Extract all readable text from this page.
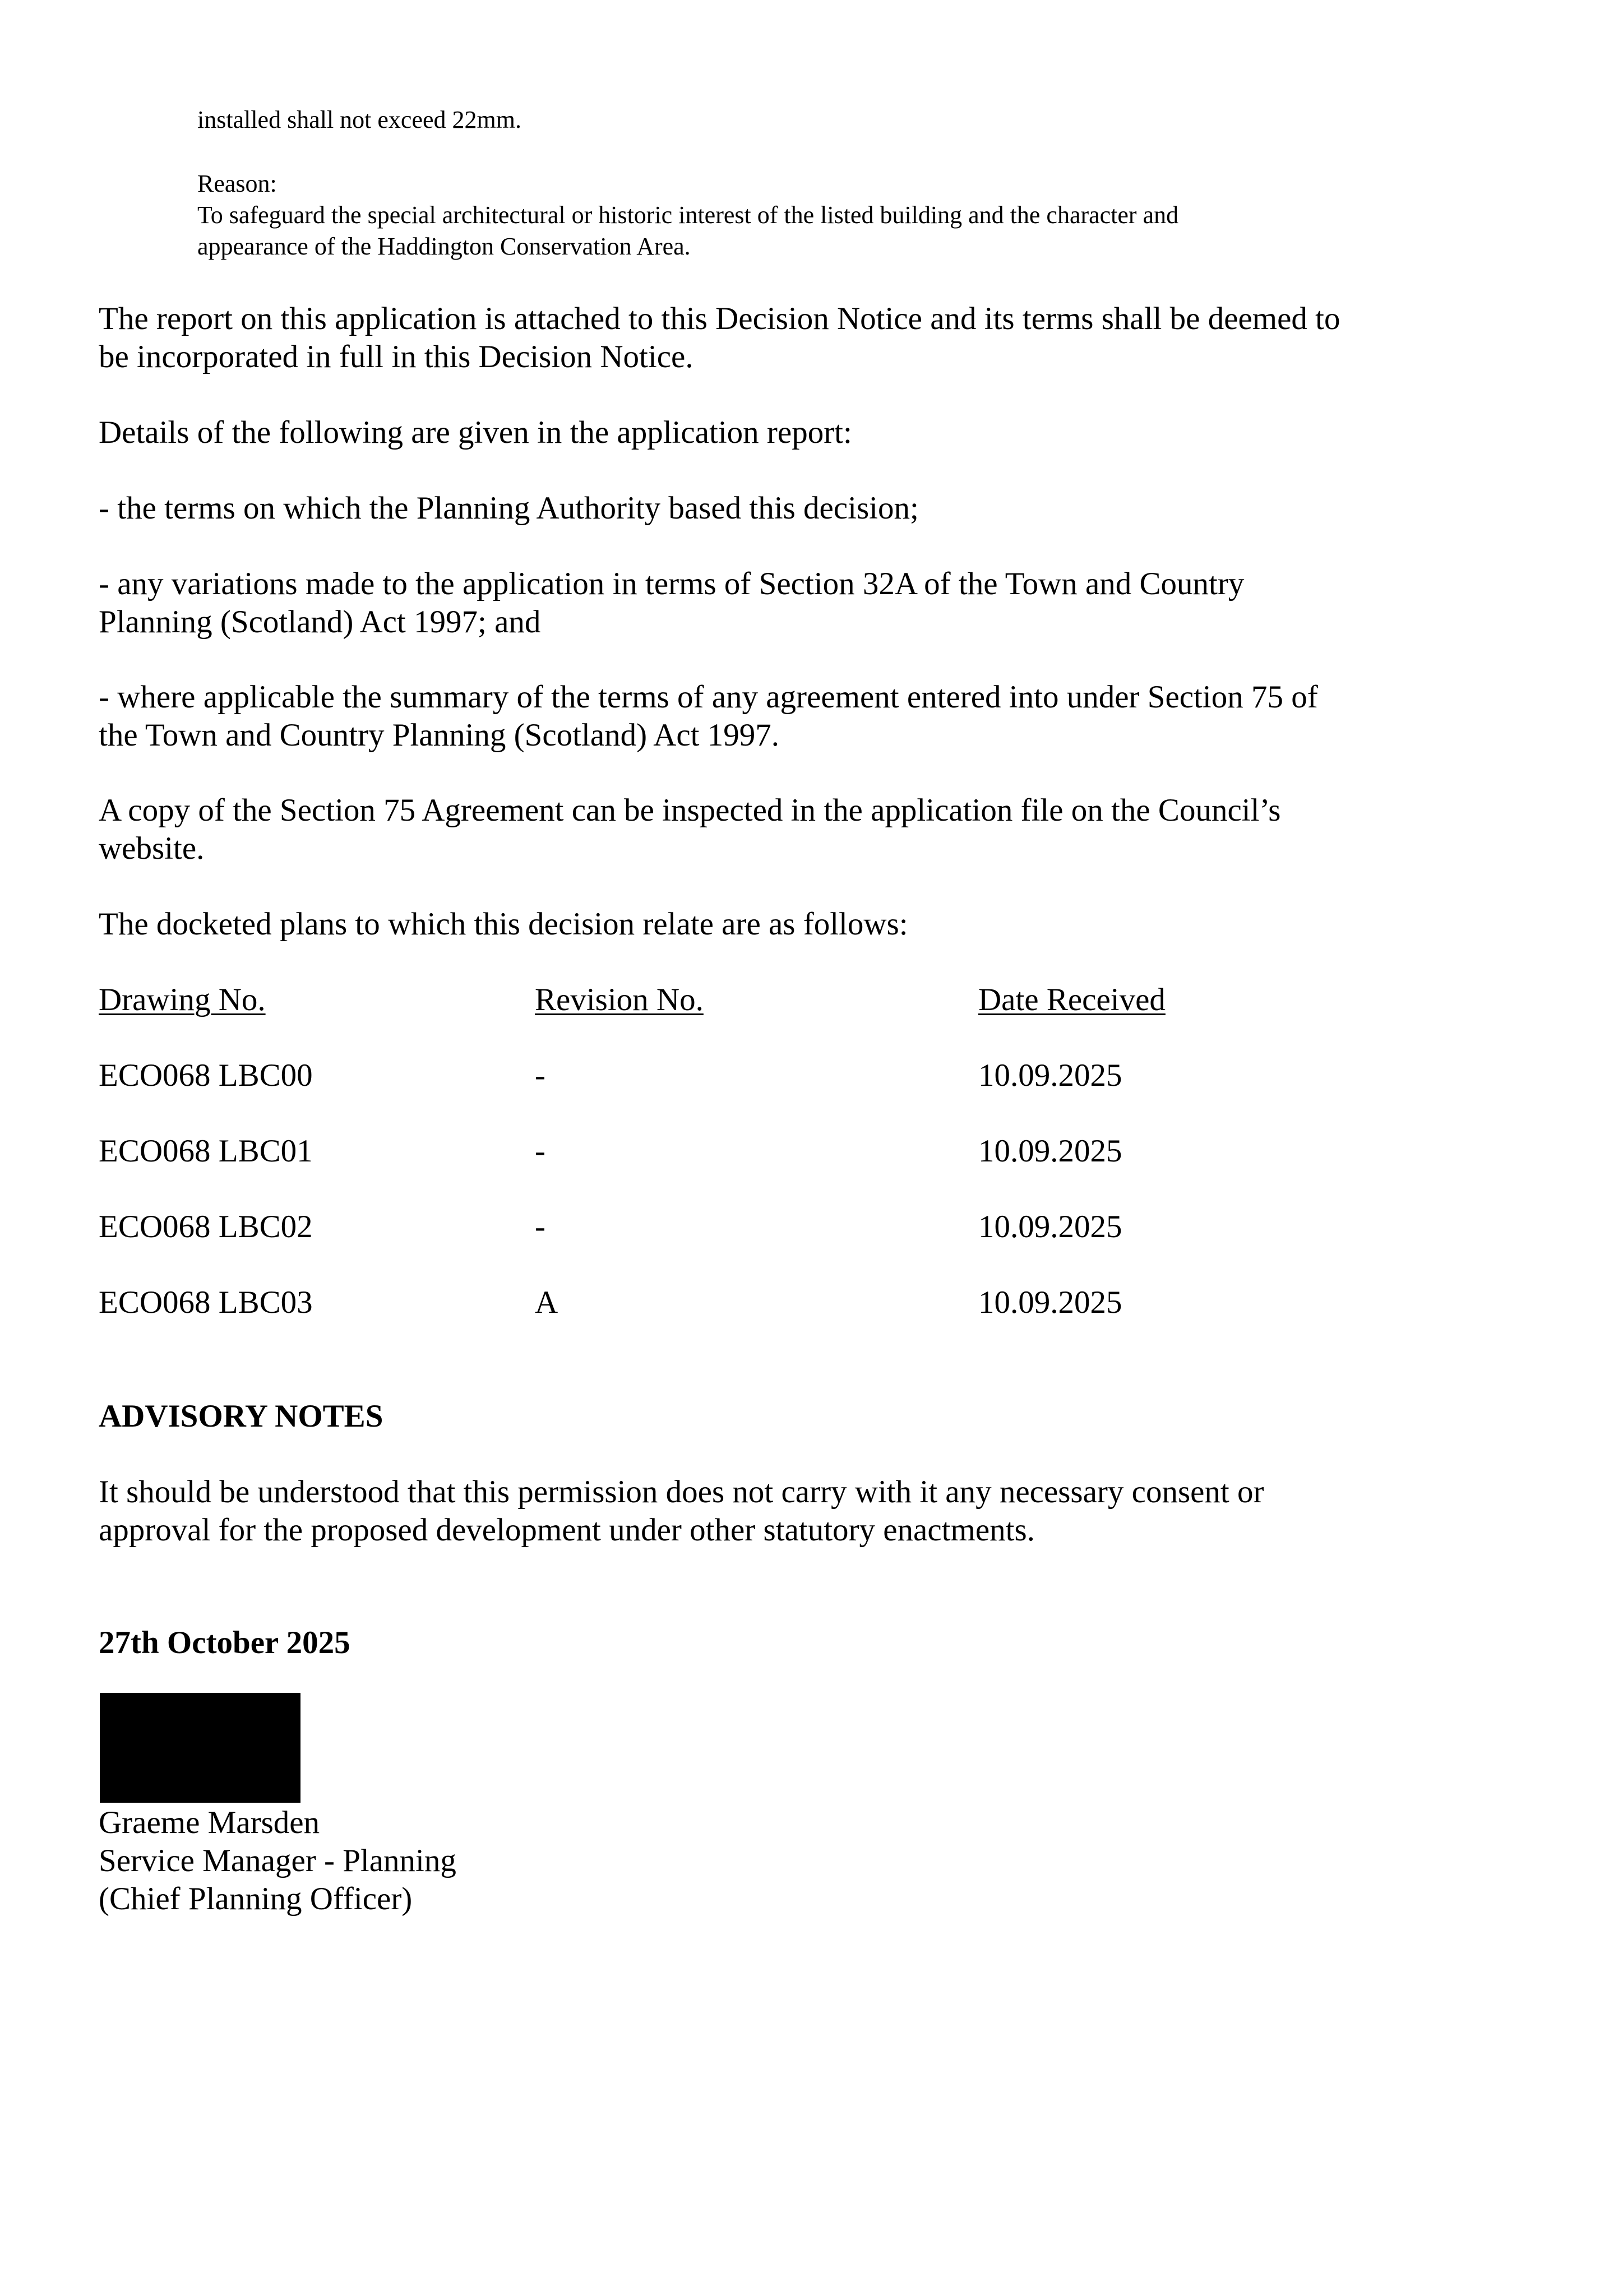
installed shall not exceed 22mm.

Reason:

To safeguard the special architectural or historic interest of the listed building and the character and

appearance of the Haddington Conservation Area.

The report on this application is attached to this Decision Notice and its terms shall be deemed to

be incorporated in full in this Decision Notice.

Details of the following are given in the application report:

- the terms on which the Planning Authority based this decision;

- any variations made to the application in terms of Section 32A of the Town and Country

Planning (Scotland) Act 1997; and

- where applicable the summary of the terms of any agreement entered into under Section 75 of

the Town and Country Planning (Scotland) Act 1997.

A copy of the Section 75 Agreement can be inspected in the application file on the Council’s

website.

The docketed plans to which this decision relate are as follows:

Drawing No.	Revision No.	Date Received

ECO068 LBC00	-	10.09.2025

ECO068 LBC01	-	10.09.2025

ECO068 LBC02	-	10.09.2025

ECO068 LBC03	A	10.09.2025

ADVISORY NOTES

It should be understood that this permission does not carry with it any necessary consent or

approval for the proposed development under other statutory enactments.

27th October 2025

Graeme Marsden

Service Manager - Planning

(Chief Planning Officer)
